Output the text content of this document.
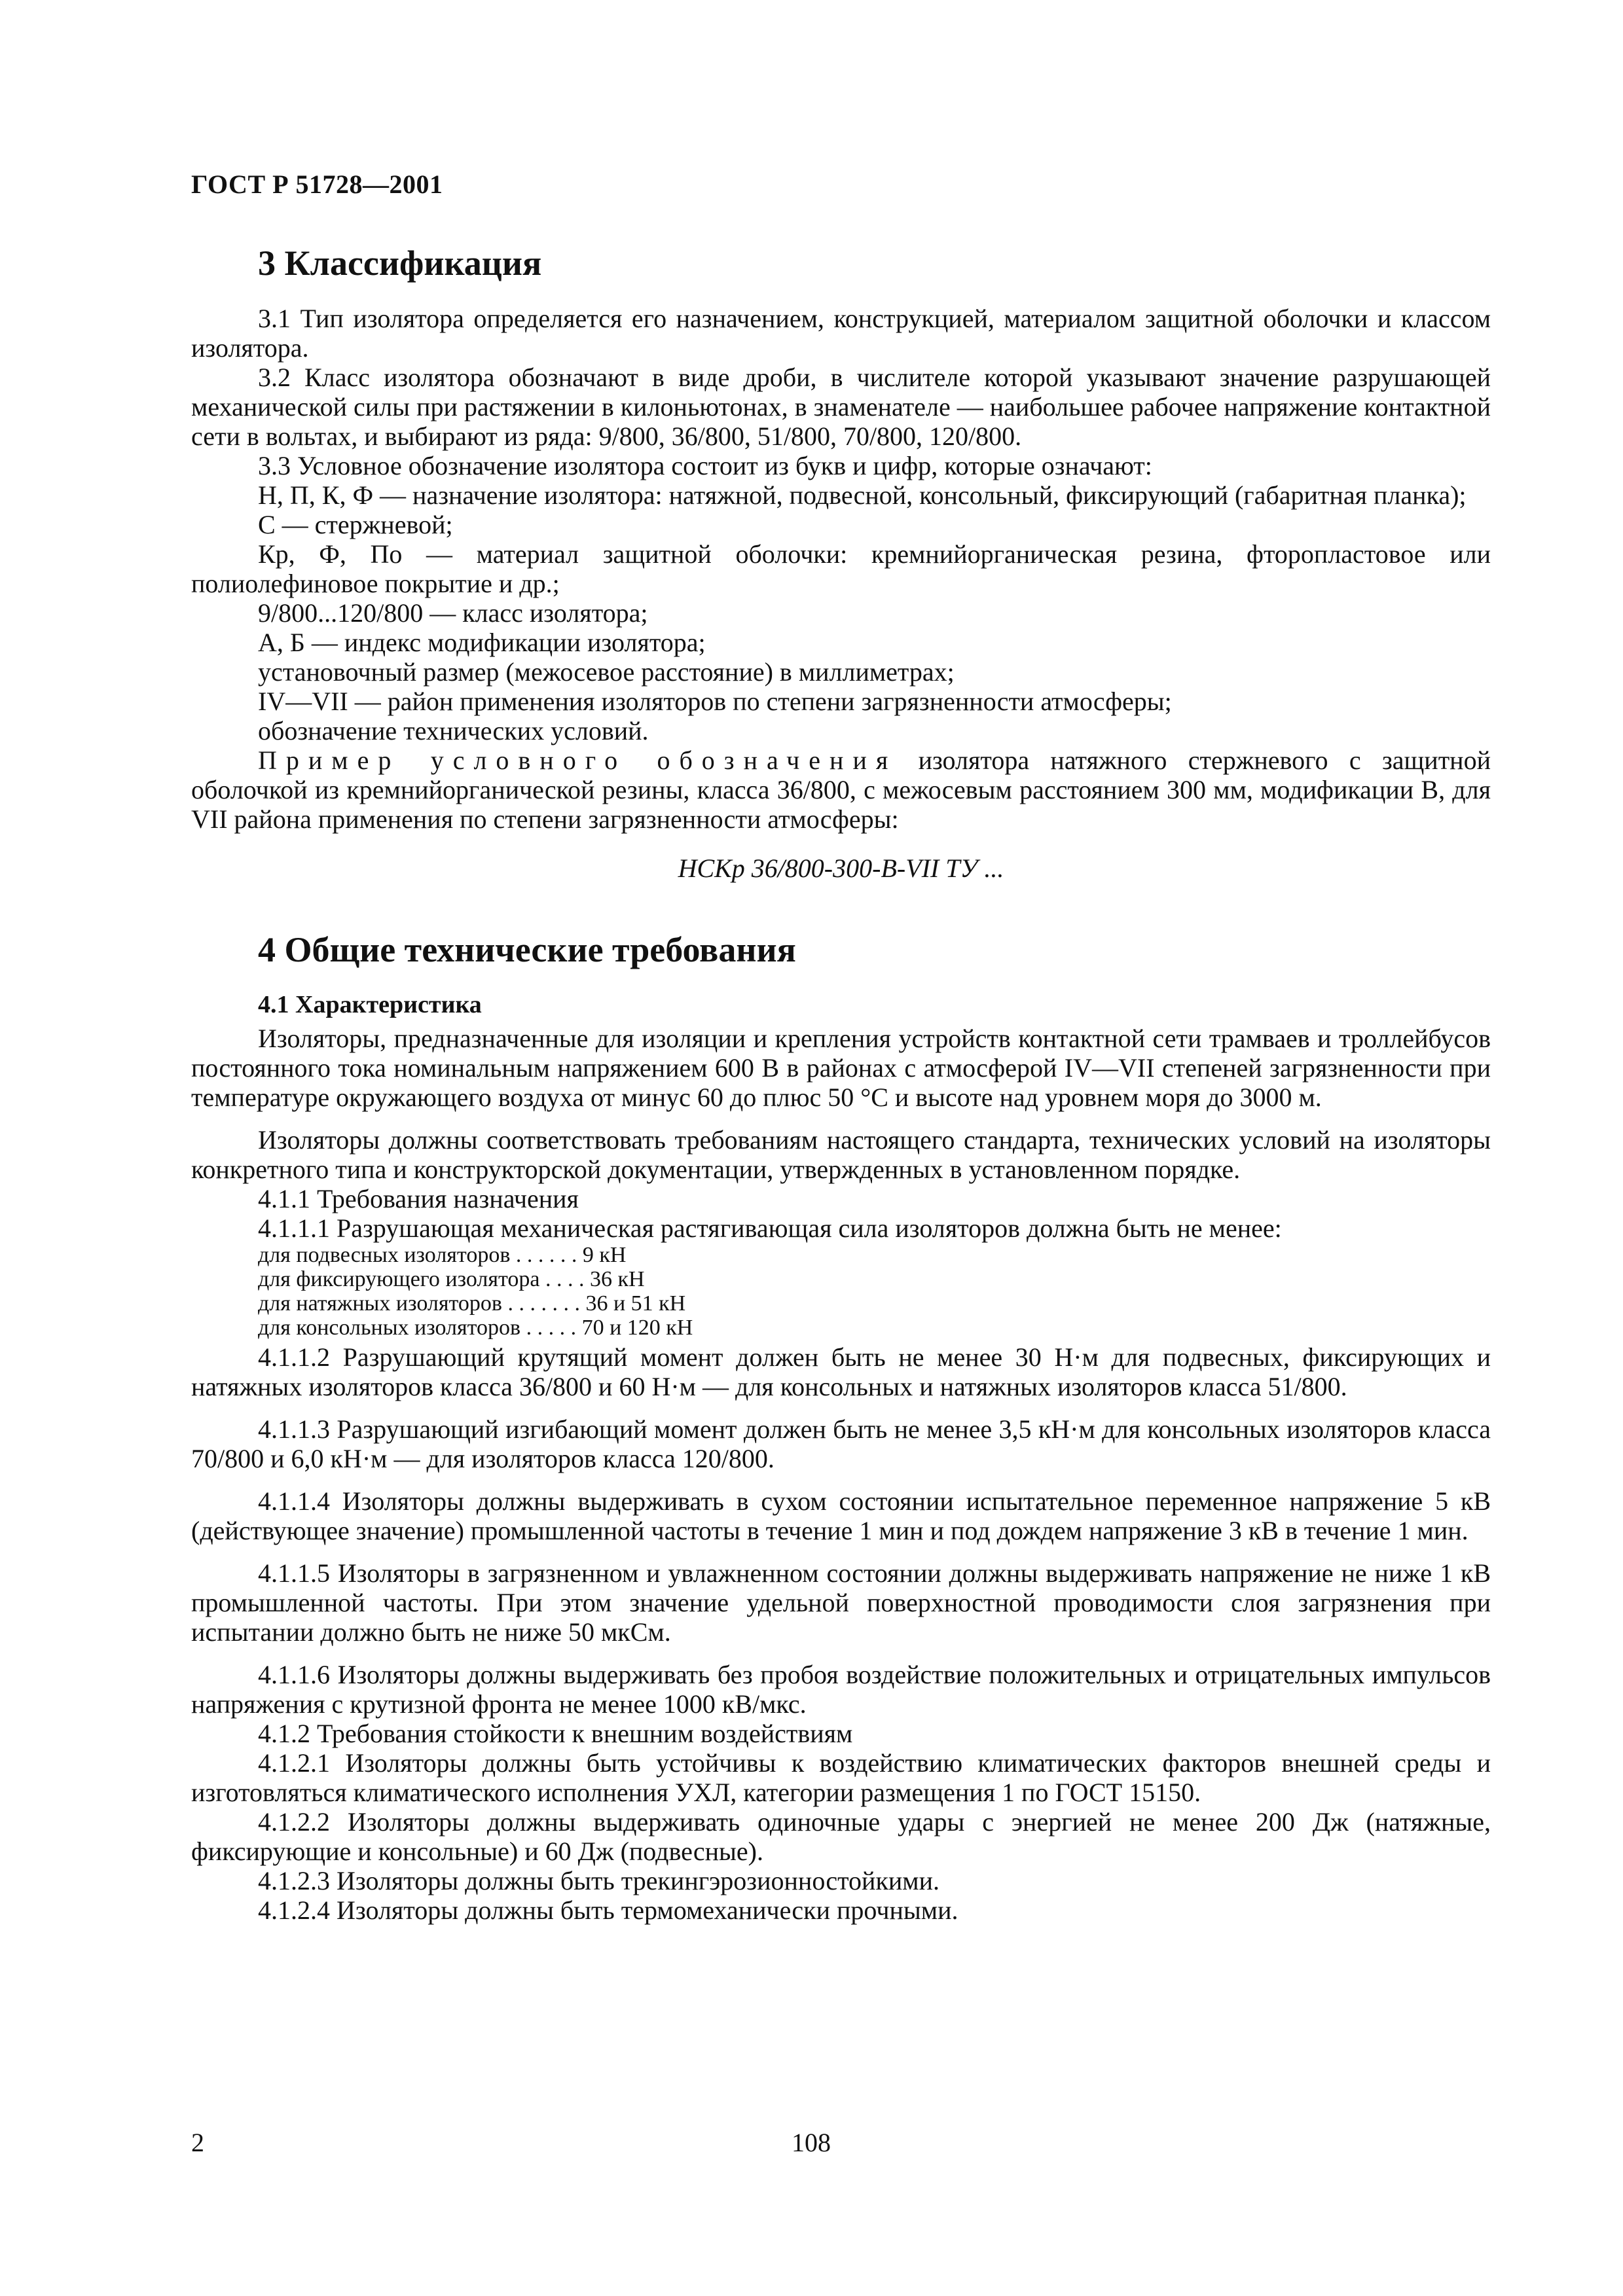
ГОСТ Р 51728—2001
3 Классификация

3.1 Тип изолятора определяется его назначением, конструкцией, материалом защитной оболочки и классом изолятора.

3.2 Класс изолятора обозначают в виде дроби, в числителе которой указывают значение разрушающей механической силы при растяжении в килоньютонах, в знаменателе — наибольшее рабочее напряжение контактной сети в вольтах, и выбирают из ряда: 9/800, 36/800, 51/800, 70/800, 120/800.

3.3 Условное обозначение изолятора состоит из букв и цифр, которые означают:

Н, П, К, Ф — назначение изолятора: натяжной, подвесной, консольный, фиксирующий (габаритная планка);

С — стержневой;

Кр, Ф, По — материал защитной оболочки: кремнийорганическая резина, фторопластовое или полиолефиновое покрытие и др.;

9/800...120/800 — класс изолятора;

А, Б — индекс модификации изолятора;

установочный размер (межосевое расстояние) в миллиметрах;

IV—VII — район применения изоляторов по степени загрязненности атмосферы;

обозначение технических условий.

Пример условного обозначения изолятора натяжного стержневого с защитной оболочкой из кремнийорганической резины, класса 36/800, с межосевым расстоянием 300 мм, модификации В, для VII района применения по степени загрязненности атмосферы:

НСКр 36/800-300-В-VII ТУ ...
4 Общие технические требования
4.1 Характеристика

Изоляторы, предназначенные для изоляции и крепления устройств контактной сети трамваев и троллейбусов постоянного тока номинальным напряжением 600 В в районах с атмосферой IV—VII степеней загрязненности при температуре окружающего воздуха от минус 60 до плюс 50 °С и высоте над уровнем моря до 3000 м.

Изоляторы должны соответствовать требованиям настоящего стандарта, технических условий на изоляторы конкретного типа и конструкторской документации, утвержденных в установленном порядке.

4.1.1 Требования назначения

4.1.1.1 Разрушающая механическая растягивающая сила изоляторов должна быть не менее:

для подвесных изоляторов . . . . . . 9 кН
для фиксирующего изолятора . . . . 36 кН
для натяжных изоляторов . . . . . . . 36 и 51 кН
для консольных изоляторов . . . . . 70 и 120 кН

4.1.1.2 Разрушающий крутящий момент должен быть не менее 30 Н·м для подвесных, фиксирующих и натяжных изоляторов класса 36/800 и 60 Н·м — для консольных и натяжных изоляторов класса 51/800.

4.1.1.3 Разрушающий изгибающий момент должен быть не менее 3,5 кН·м для консольных изоляторов класса 70/800 и 6,0 кН·м — для изоляторов класса 120/800.

4.1.1.4 Изоляторы должны выдерживать в сухом состоянии испытательное переменное напряжение 5 кВ (действующее значение) промышленной частоты в течение 1 мин и под дождем напряжение 3 кВ в течение 1 мин.

4.1.1.5 Изоляторы в загрязненном и увлажненном состоянии должны выдерживать напряжение не ниже 1 кВ промышленной частоты. При этом значение удельной поверхностной проводимости слоя загрязнения при испытании должно быть не ниже 50 мкСм.

4.1.1.6 Изоляторы должны выдерживать без пробоя воздействие положительных и отрицательных импульсов напряжения с крутизной фронта не менее 1000 кВ/мкс.

4.1.2 Требования стойкости к внешним воздействиям

4.1.2.1 Изоляторы должны быть устойчивы к воздействию климатических факторов внешней среды и изготовляться климатического исполнения УХЛ, категории размещения 1 по ГОСТ 15150.

4.1.2.2 Изоляторы должны выдерживать одиночные удары с энергией не менее 200 Дж (натяжные, фиксирующие и консольные) и 60 Дж (подвесные).

4.1.2.3 Изоляторы должны быть трекингэрозионностойкими.

4.1.2.4 Изоляторы должны быть термомеханически прочными.

2	108
